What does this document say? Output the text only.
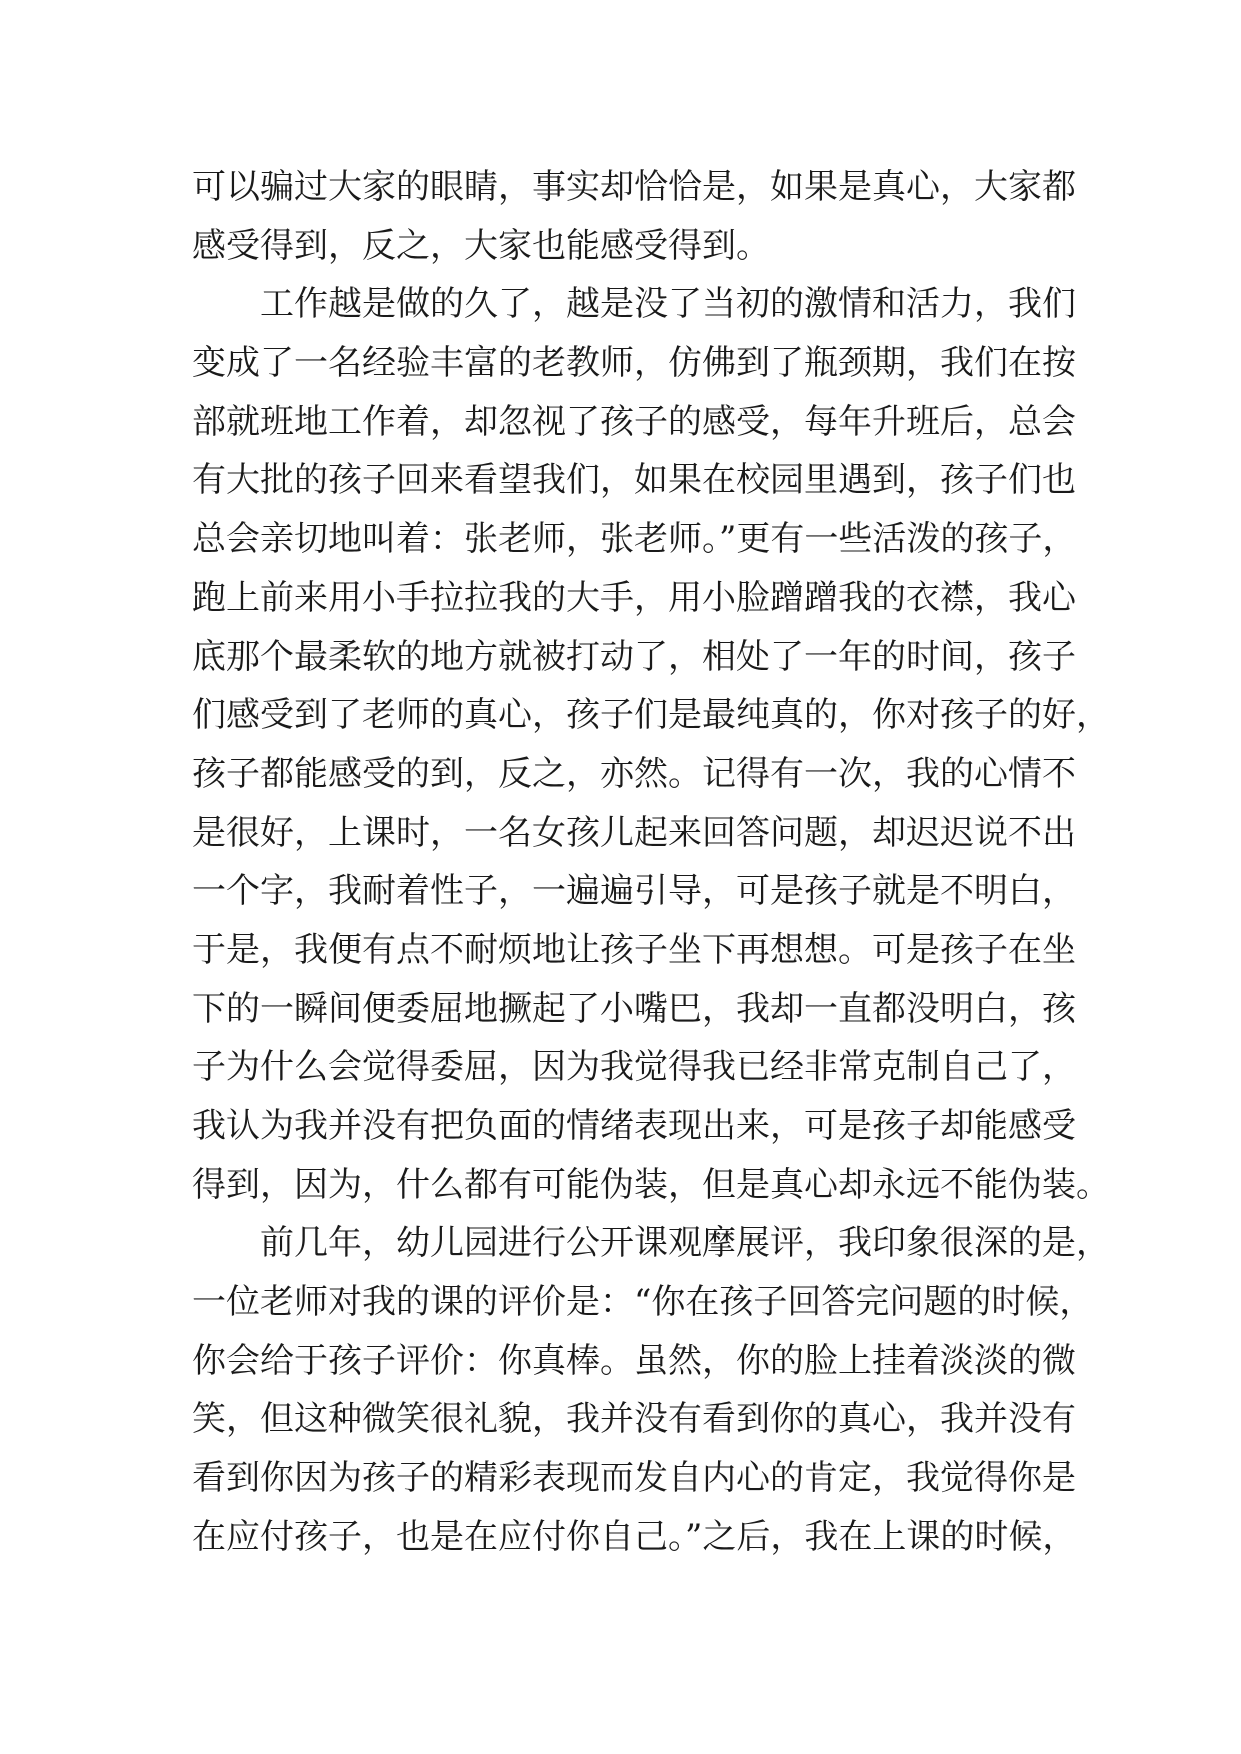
可以骗过大家的眼睛，事实却恰恰是，如果是真心，大家都
感受得到，反之，大家也能感受得到。
工作越是做的久了，越是没了当初的激情和活力，我们
变成了一名经验丰富的老教师，仿佛到了瓶颈期，我们在按
部就班地工作着，却忽视了孩子的感受，每年升班后，总会
有大批的孩子回来看望我们，如果在校园里遇到，孩子们也
总会亲切地叫着：张老师，张老师。”更有一些活泼的孩子，
跑上前来用小手拉拉我的大手，用小脸蹭蹭我的衣襟，我心
底那个最柔软的地方就被打动了，相处了一年的时间，孩子
们感受到了老师的真心，孩子们是最纯真的，你对孩子的好，
孩子都能感受的到，反之，亦然。记得有一次，我的心情不
是很好，上课时，一名女孩儿起来回答问题，却迟迟说不出
一个字，我耐着性子，一遍遍引导，可是孩子就是不明白，
于是，我便有点不耐烦地让孩子坐下再想想。可是孩子在坐
下的一瞬间便委屈地撅起了小嘴巴，我却一直都没明白，孩
子为什么会觉得委屈，因为我觉得我已经非常克制自己了，
我认为我并没有把负面的情绪表现出来，可是孩子却能感受
得到，因为，什么都有可能伪装，但是真心却永远不能伪装。
前几年，幼儿园进行公开课观摩展评，我印象很深的是，
一位老师对我的课的评价是：“你在孩子回答完问题的时候，
你会给于孩子评价：你真棒。虽然，你的脸上挂着淡淡的微
笑，但这种微笑很礼貌，我并没有看到你的真心，我并没有
看到你因为孩子的精彩表现而发自内心的肯定，我觉得你是
在应付孩子，也是在应付你自己。”之后，我在上课的时候，
